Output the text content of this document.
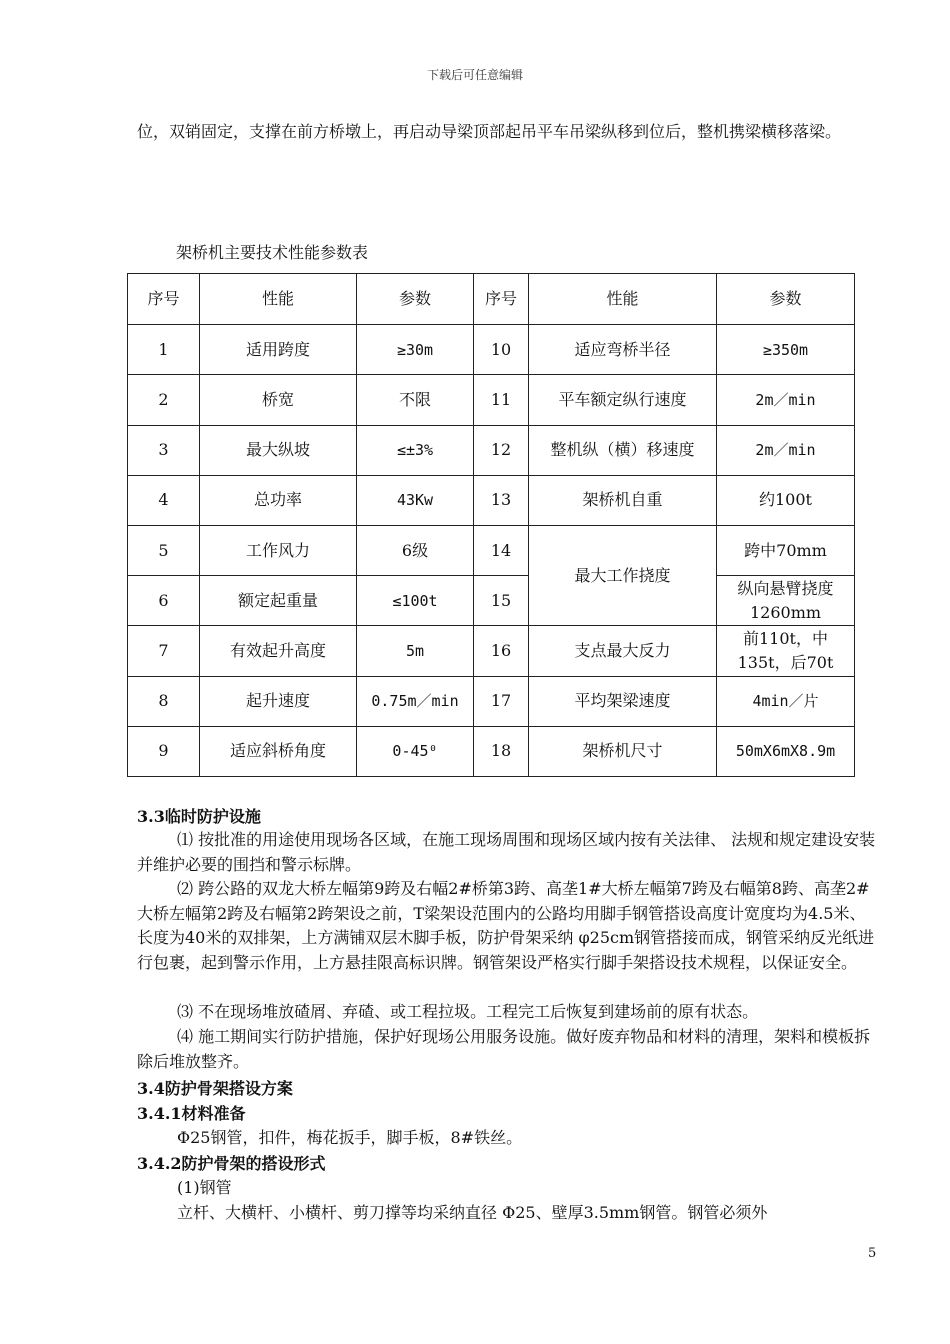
下载后可任意编辑

位，双销固定，支撑在前方桥墩上，再启动导梁顶部起吊平车吊梁纵移到位后，整机携梁横移落梁。

架桥机主要技术性能参数表
序号	性能	参数	序号	性能	参数
1	适用跨度	≥30m	10	适应弯桥半径	≥350m
2	桥宽	不限	11	平车额定纵行速度	2m／min
3	最大纵坡	≤±3%	12	整机纵（横）移速度	2m／min
4	总功率	43Kw	13	架桥机自重	约100t
5	工作风力	6级	14	最大工作挠度	跨中70mm
6	额定起重量	≤100t	15		纵向悬臂挠度1260mm
7	有效起升高度	5m	16	支点最大反力	前110t，中135t，后70t
8	起升速度	0.75m／min	17	平均架梁速度	4min／片
9	适应斜桥角度	0-45⁰	18	架桥机尺寸	50mX6mX8.9m
3.3临时防护设施

⑴ 按批准的用途使用现场各区域，在施工现场周围和现场区域内按有关法律、 法规和规定建设安装并维护必要的围挡和警示标牌。

⑵ 跨公路的双龙大桥左幅第9跨及右幅2#桥第3跨、高垄1#大桥左幅第7跨及右幅第8跨、高垄2#大桥左幅第2跨及右幅第2跨架设之前，T梁架设范围内的公路均用脚手钢管搭设高度计宽度均为4.5米、长度为40米的双排架，上方满铺双层木脚手板，防护骨架采纳 φ25cm钢管搭接而成，钢管采纳反光纸进行包裹，起到警示作用，上方悬挂限高标识牌。钢管架设严格实行脚手架搭设技术规程，以保证安全。

⑶ 不在现场堆放碴屑、弃碴、或工程拉圾。工程完工后恢复到建场前的原有状态。

⑷ 施工期间实行防护措施，保护好现场公用服务设施。做好废弃物品和材料的清理，架料和模板拆除后堆放整齐。

3.4防护骨架搭设方案
3.4.1材料准备

Φ25钢管，扣件，梅花扳手，脚手板，8#铁丝。

3.4.2防护骨架的搭设形式

(1)钢管

立杆、大横杆、小横杆、剪刀撑等均采纳直径 Φ25、壁厚3.5mm钢管。钢管必须外

5
